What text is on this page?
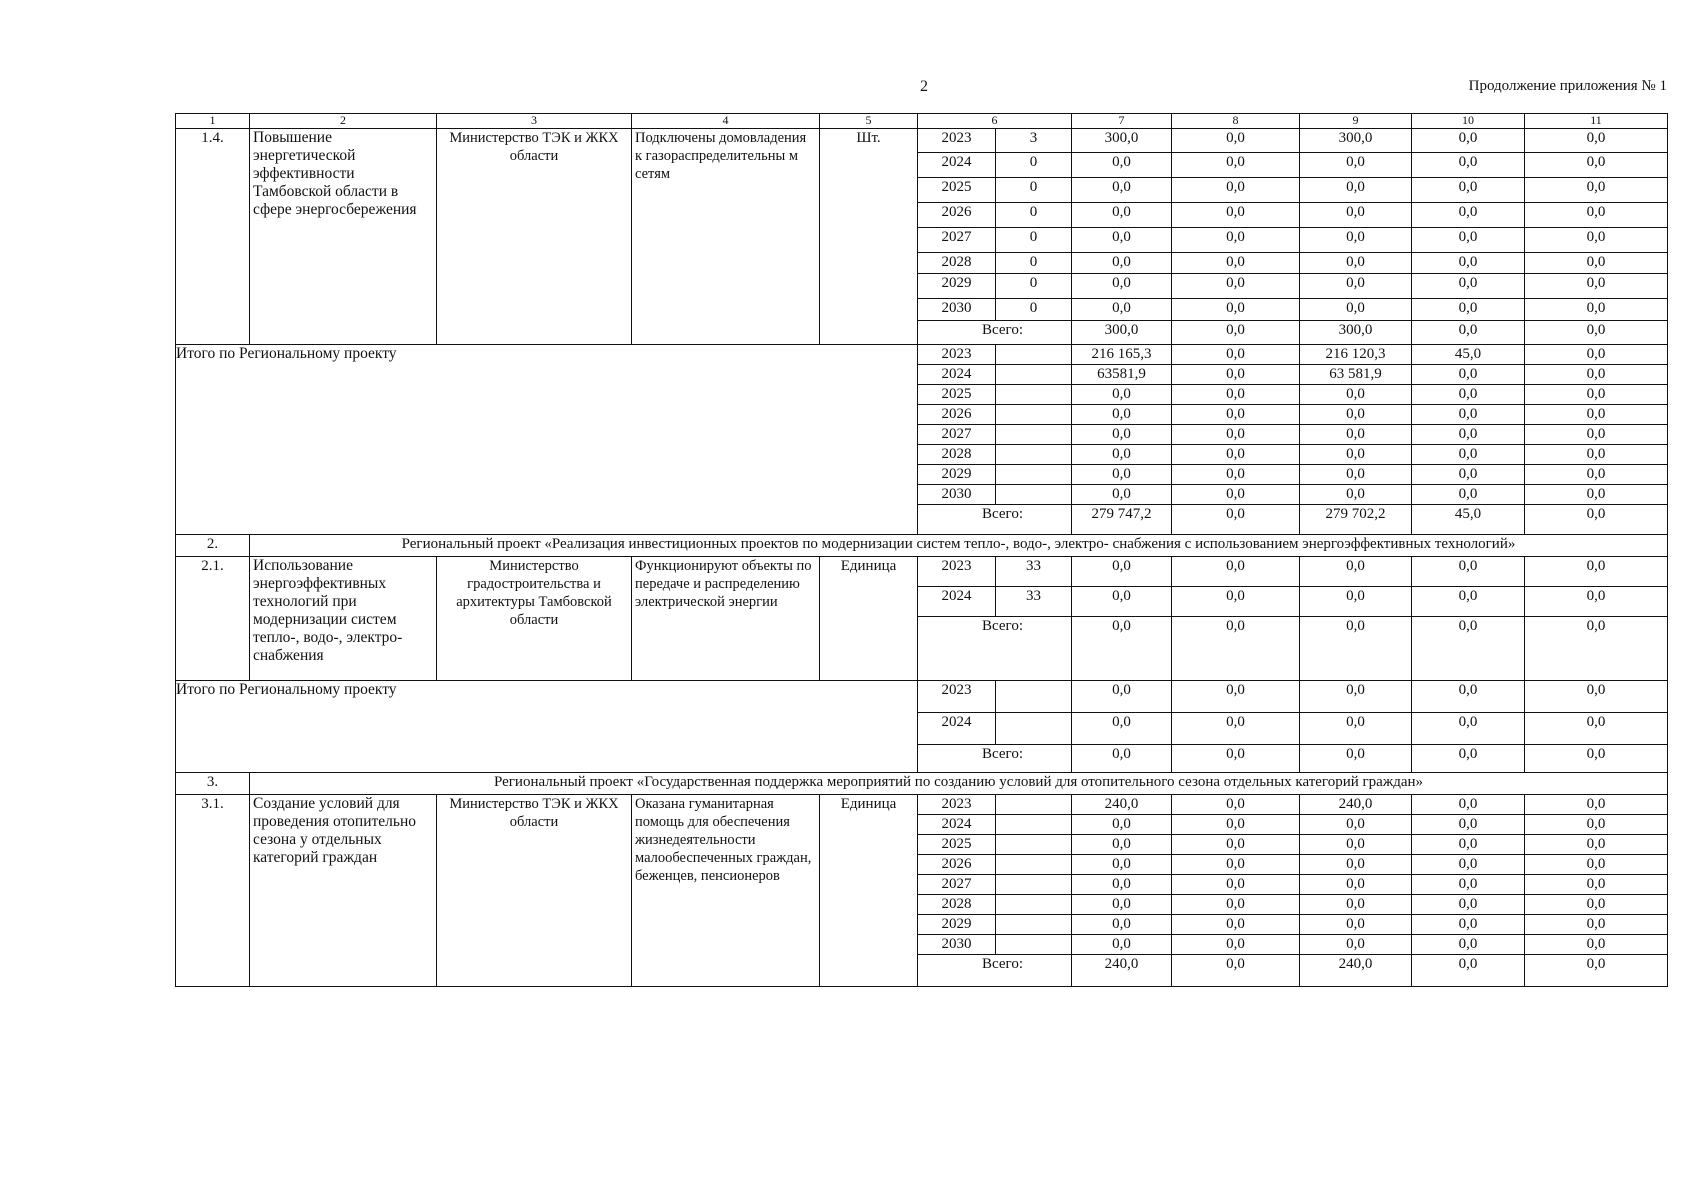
2	Продолжение приложения № 1
1	2	3	4	5	6		7	8	9	10	11
1.4.	Повышение энергетической эффективности Тамбовской области в сфере энергосбережения	Министерство ТЭК и ЖКХ области	Подключены домовладения к газораспределительны м сетям	Шт.	2023	3	300,0	0,0	300,0	0,0	0,0
					2024	0	0,0	0,0	0,0	0,0	0,0
					2025	0	0,0	0,0	0,0	0,0	0,0
					2026	0	0,0	0,0	0,0	0,0	0,0
					2027	0	0,0	0,0	0,0	0,0	0,0
					2028	0	0,0	0,0	0,0	0,0	0,0
					2029	0	0,0	0,0	0,0	0,0	0,0
					2030	0	0,0	0,0	0,0	0,0	0,0
					Всего:		300,0	0,0	300,0	0,0	0,0
Итого по Региональному проекту					2023		216 165,3	0,0	216 120,3	45,0	0,0
					2024		63581,9	0,0	63 581,9	0,0	0,0
					2025		0,0	0,0	0,0	0,0	0,0
					2026		0,0	0,0	0,0	0,0	0,0
					2027		0,0	0,0	0,0	0,0	0,0
					2028		0,0	0,0	0,0	0,0	0,0
					2029		0,0	0,0	0,0	0,0	0,0
					2030		0,0	0,0	0,0	0,0	0,0
					Всего:		279 747,2	0,0	279 702,2	45,0	0,0
2.	Региональный проект «Реализация инвестиционных проектов по модернизации систем тепло-, водо-, электро- снабжения с использованием энергоэффективных технологий»										
2.1.	Использование энергоэффективных технологий при модернизации систем тепло-, водо-, электро-снабжения	Министерство градостроительства и архитектуры Тамбовской области	Функционируют объекты по передаче и распределению электрической энергии	Единица	2023	33	0,0	0,0	0,0	0,0	0,0
					2024	33	0,0	0,0	0,0	0,0	0,0
					Всего:		0,0	0,0	0,0	0,0	0,0
Итого по Региональному проекту					2023		0,0	0,0	0,0	0,0	0,0
					2024		0,0	0,0	0,0	0,0	0,0
					Всего:		0,0	0,0	0,0	0,0	0,0
3.	Региональный проект «Государственная поддержка мероприятий по созданию условий для отопительного сезона отдельных категорий граждан»										
3.1.	Создание условий для проведения отопительно сезона у отдельных категорий граждан	Министерство ТЭК и ЖКХ области	Оказана гуманитарная помощь для обеспечения жизнедеятельности малообеспеченных граждан, беженцев, пенсионеров	Единица	2023		240,0	0,0	240,0	0,0	0,0
					2024		0,0	0,0	0,0	0,0	0,0
					2025		0,0	0,0	0,0	0,0	0,0
					2026		0,0	0,0	0,0	0,0	0,0
					2027		0,0	0,0	0,0	0,0	0,0
					2028		0,0	0,0	0,0	0,0	0,0
					2029		0,0	0,0	0,0	0,0	0,0
					2030		0,0	0,0	0,0	0,0	0,0
					Всего:		240,0	0,0	240,0	0,0	0,0
